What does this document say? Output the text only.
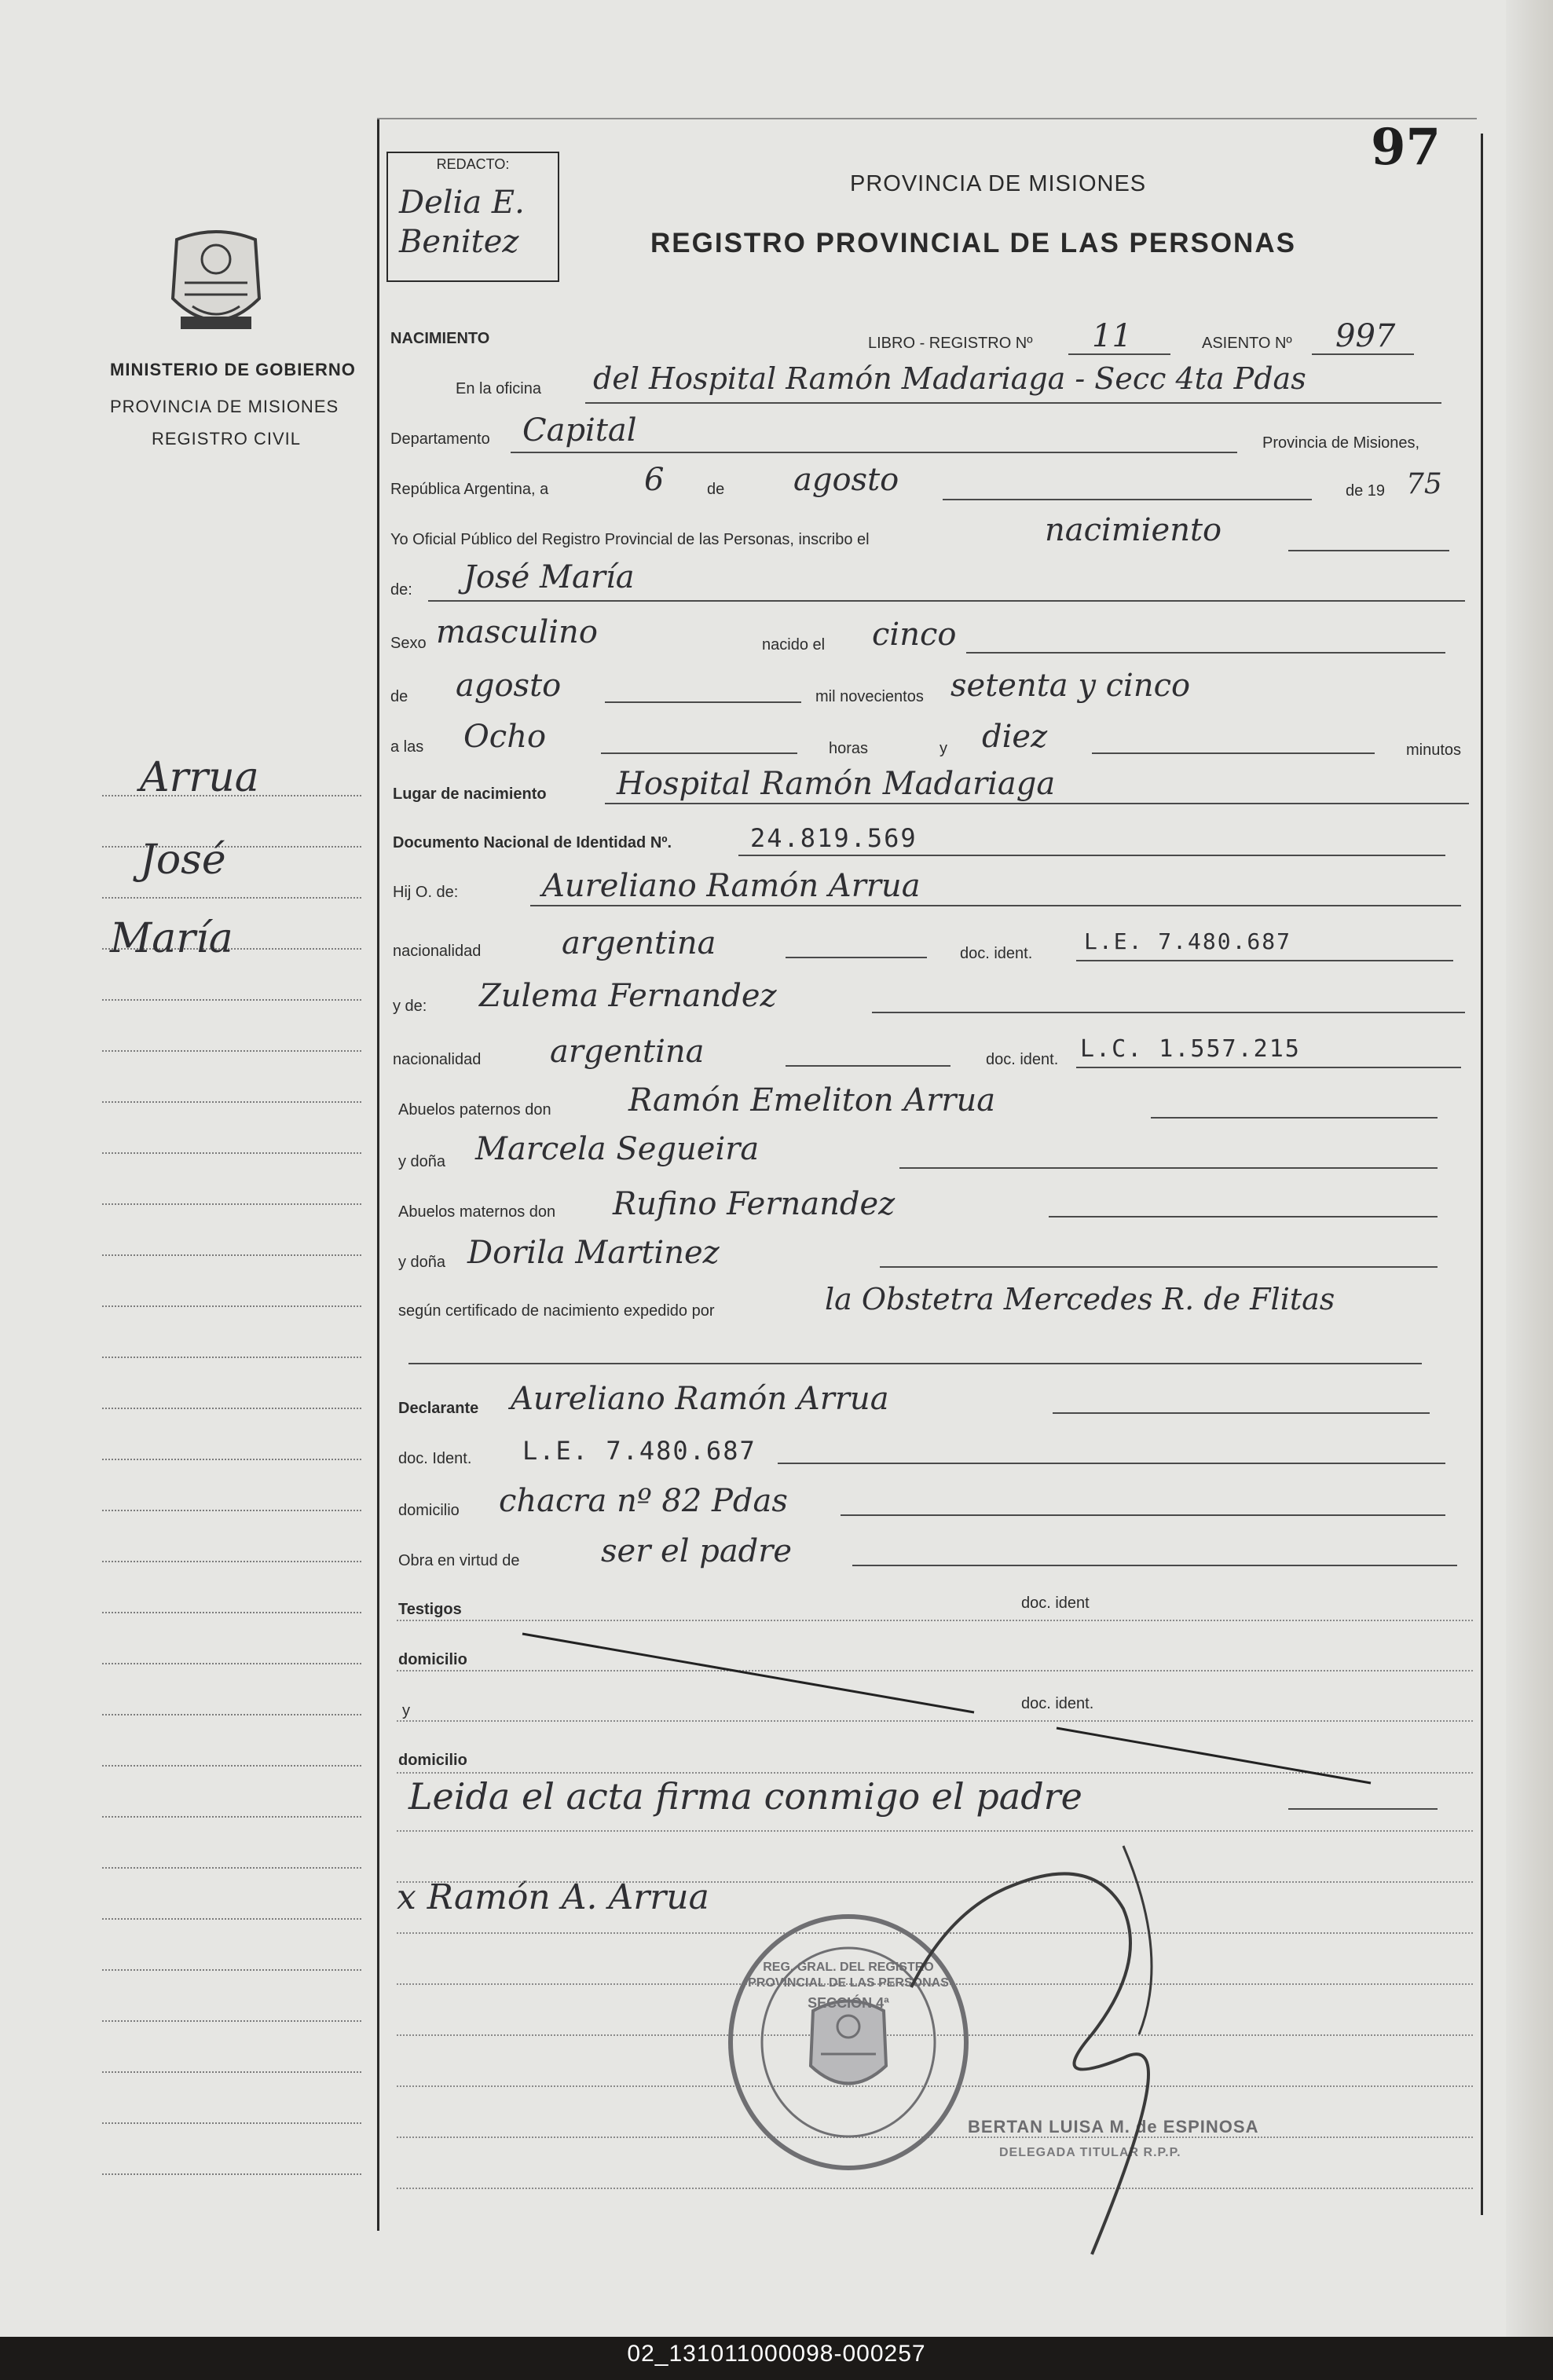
97
REDACTO:
Delia E. Benitez
PROVINCIA DE MISIONES
REGISTRO PROVINCIAL DE LAS PERSONAS
MINISTERIO DE GOBIERNO
PROVINCIA DE MISIONES
REGISTRO CIVIL
Arrua
José
María
NACIMIENTO	LIBRO - REGISTRO Nº 11	ASIENTO Nº 997
En la oficina del Hospital Ramón Madariaga - Secc 4ta Pdas
Departamento Capital	Provincia de Misiones,
República Argentina, a	6	de agosto	de 19 75
Yo Oficial Público del Registro Provincial de las Personas, inscribo el	nacimiento
de: José María
Sexo masculino	nacido el cinco
de agosto	mil novecientos setenta y cinco
a las Ocho	horas	y diez	minutos
Lugar de nacimiento Hospital Ramón Madariaga
Documento Nacional de Identidad Nº.	24.819.569
Hij O. de:	Aureliano Ramón Arrua
nacionalidad	argentina	doc. ident. L.E. 7.480.687
y de: Zulema Fernandez
nacionalidad argentina	doc. ident. L.C. 1.557.215
Abuelos paternos don Ramón Emeliton Arrua
y doña Marcela Segueira
Abuelos maternos don Rufino Fernandez
y doña Dorila Martinez
según certificado de nacimiento expedido por	la Obstetra Mercedes R. de Flitas
Declarante Aureliano Ramón Arrua
doc. Ident. L.E. 7.480.687
domicilio chacra nº 82 Pdas
Obra en virtud de	ser el padre
Testigos	doc. ident
domicilio
y	doc. ident.
domicilio
Leida el acta firma conmigo el padre
x Ramón A. Arrua
REG. GRAL. DEL REGISTRO PROVINCIAL DE LAS PERSONAS
SECCIÓN 4ª
BERTAN LUISA M. de ESPINOSA
DELEGADA TITULAR R.P.P.
02_131011000098-000257
